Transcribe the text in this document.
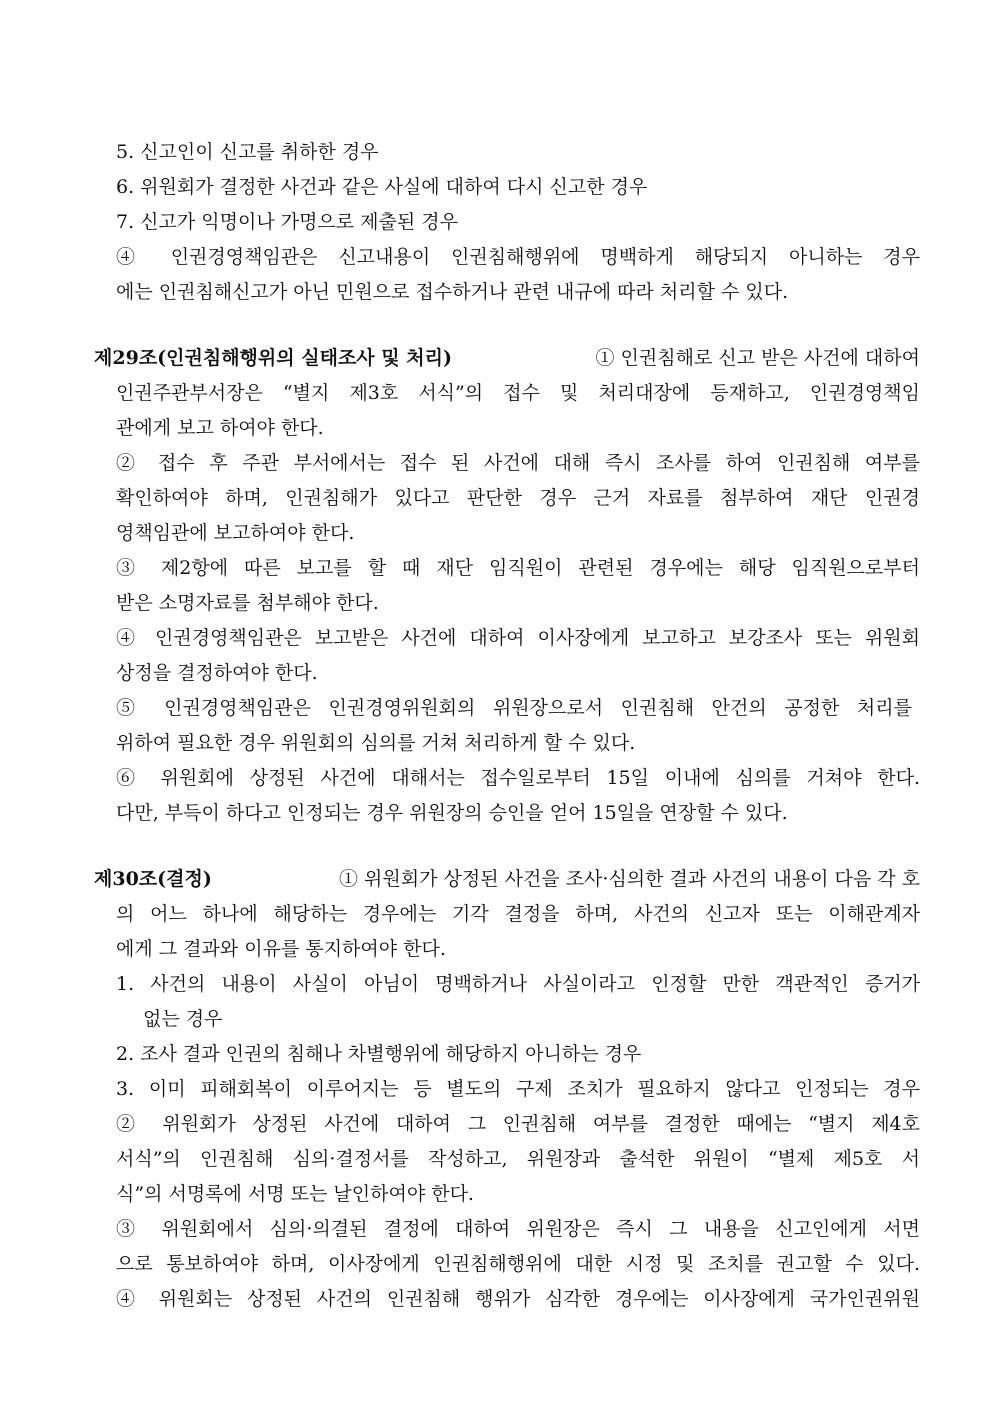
5. 신고인이 신고를 취하한 경우

6. 위원회가 결정한 사건과 같은 사실에 대하여 다시 신고한 경우

7. 신고가 익명이나 가명으로 제출된 경우

④ 인권경영책임관은 신고내용이 인권침해행위에 명백하게 해당되지 아니하는 경우

에는 인권침해신고가 아닌 민원으로 접수하거나 관련 내규에 따라 처리할 수 있다.

제29조(인권침해행위의 실태조사 및 처리)	① 인권침해로 신고 받은 사건에 대하여

인권주관부서장은 “별지 제3호 서식”의 접수 및 처리대장에 등재하고, 인권경영책임

관에게 보고 하여야 한다.

② 접수 후 주관 부서에서는 접수 된 사건에 대해 즉시 조사를 하여 인권침해 여부를

확인하여야 하며, 인권침해가 있다고 판단한 경우 근거 자료를 첨부하여 재단 인권경

영책임관에 보고하여야 한다.

③ 제2항에 따른 보고를 할 때 재단 임직원이 관련된 경우에는 해당 임직원으로부터

받은 소명자료를 첨부해야 한다.

④ 인권경영책임관은 보고받은 사건에 대하여 이사장에게 보고하고 보강조사 또는 위원회

상정을 결정하여야 한다.

⑤ 인권경영책임관은 인권경영위원회의 위원장으로서 인권침해 안건의 공정한 처리를

위하여 필요한 경우 위원회의 심의를 거쳐 처리하게 할 수 있다.

⑥ 위원회에 상정된 사건에 대해서는 접수일로부터 15일 이내에 심의를 거쳐야 한다.

다만, 부득이 하다고 인정되는 경우 위원장의 승인을 얻어 15일을 연장할 수 있다.

제30조(결정)	① 위원회가 상정된 사건을 조사·심의한 결과 사건의 내용이 다음 각 호

의 어느 하나에 해당하는 경우에는 기각 결정을 하며, 사건의 신고자 또는 이해관계자

에게 그 결과와 이유를 통지하여야 한다.

1. 사건의 내용이 사실이 아님이 명백하거나 사실이라고 인정할 만한 객관적인 증거가

없는 경우

2. 조사 결과 인권의 침해나 차별행위에 해당하지 아니하는 경우

3. 이미 피해회복이 이루어지는 등 별도의 구제 조치가 필요하지 않다고 인정되는 경우

② 위원회가 상정된 사건에 대하여 그 인권침해 여부를 결정한 때에는 “별지 제4호

서식”의 인권침해 심의·결정서를 작성하고, 위원장과 출석한 위원이 “별제 제5호 서

식”의 서명록에 서명 또는 날인하여야 한다.

③ 위원회에서 심의·의결된 결정에 대하여 위원장은 즉시 그 내용을 신고인에게 서면

으로 통보하여야 하며, 이사장에게 인권침해행위에 대한 시정 및 조치를 권고할 수 있다.

④ 위원회는 상정된 사건의 인권침해 행위가 심각한 경우에는 이사장에게 국가인권위원
